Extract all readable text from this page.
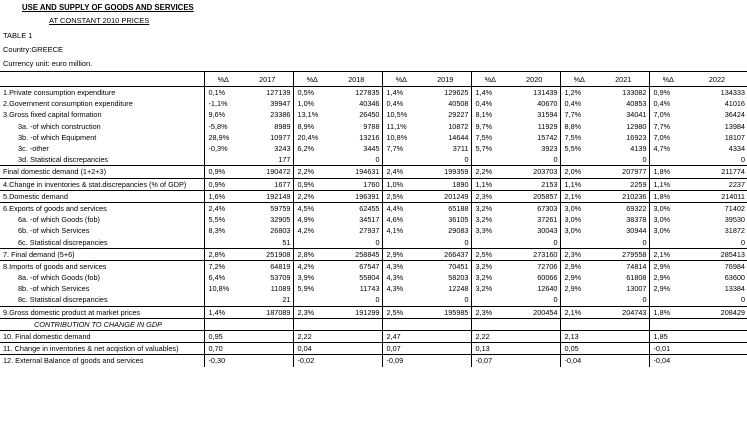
USE AND SUPPLY OF GOODS AND SERVICES
AT CONSTANT 2010 PRICES
TABLE 1
Country:GREECE
Currency unit: euro million.
	%Δ	2017	%Δ	2018	%Δ	2019	%Δ	2020	%Δ	2021	%Δ	2022
1.Private consumption expenditure	0,1%	127139	0,5%	127835	1,4%	129625	1,4%	131439	1,2%	133082	0,9%	134333
2.Government consumption expenditure	-1,1%	39947	1,0%	40346	0,4%	40508	0,4%	40670	0,4%	40853	0,4%	41016
3.Gross fixed capital formation	9,6%	23386	13,1%	26450	10,5%	29227	8,1%	31594	7,7%	34041	7,0%	36424
3a. -of which construction	-5,8%	8989	8,9%	9788	11,1%	10872	9,7%	11929	8,8%	12980	7,7%	13984
3b. -of which Equipment	28,9%	10977	20,4%	13216	10,8%	14644	7,5%	15742	7,5%	16923	7,0%	18107
3c. -other	-0,3%	3243	6,2%	3445	7,7%	3711	5,7%	3923	5,5%	4139	4,7%	4334
3d. Statistical discrepancies		177		0		0		0		0		0
Final domestic demand (1+2+3)	0,9%	190472	2,2%	194631	2,4%	199359	2,2%	203703	2,0%	207977	1,8%	211774
4.Change in inventories & stat.discrepancies (% of GDP)	0,9%	1677	0,9%	1760	1,0%	1890	1,1%	2153	1,1%	2259	1,1%	2237
5.Domestic demand	1,6%	192149	2,2%	196391	2,5%	201249	2,3%	205857	2,1%	210236	1,8%	214011
6.Exports of goods and services	2,4%	59759	4,5%	62455	4,4%	65188	3,2%	67303	3,0%	69322	3,0%	71402
6a. -of which Goods (fob)	5,5%	32905	4,9%	34517	4,6%	36105	3,2%	37261	3,0%	38378	3,0%	39530
6b. -of which Services	8,3%	26803	4,2%	27937	4,1%	29083	3,3%	30043	3,0%	30944	3,0%	31872
6c. Statistical discrepancies		51		0		0		0		0		0
7. Final demand (5+6)	2,8%	251908	2,8%	258845	2,9%	266437	2,5%	273160	2,3%	279558	2,1%	285413
8.Imports of goods and services	7,2%	64819	4,2%	67547	4,3%	70451	3,2%	72706	2,9%	74814	2,9%	76984
8a. -of which Goods (fob)	6,4%	53709	3,9%	55804	4,3%	58203	3,2%	60066	2,9%	61808	2,9%	63600
8b. -of which Services	10,8%	11089	5,9%	11743	4,3%	12248	3,2%	12640	2,9%	13007	2,9%	13384
8c. Statistical discrepancies		21		0		0		0		0		0
9.Gross domestic product at market prices	1,4%	187089	2,3%	191299	2,5%	195985	2,3%	200454	2,1%	204743	1,8%	208429
CONTRIBUTION TO CHANGE IN GDP												
10. Final domestic demand	0,95		2,22		2,47		2,22		2,13		1,85	
11. Change in inventories & net acqistion of valuables)	0,70		0,04		0,07		0,13		0,05		-0,01	
12. External Balance of goods and services	-0,30		-0,02		-0,09		-0,07		-0,04		-0,04	
